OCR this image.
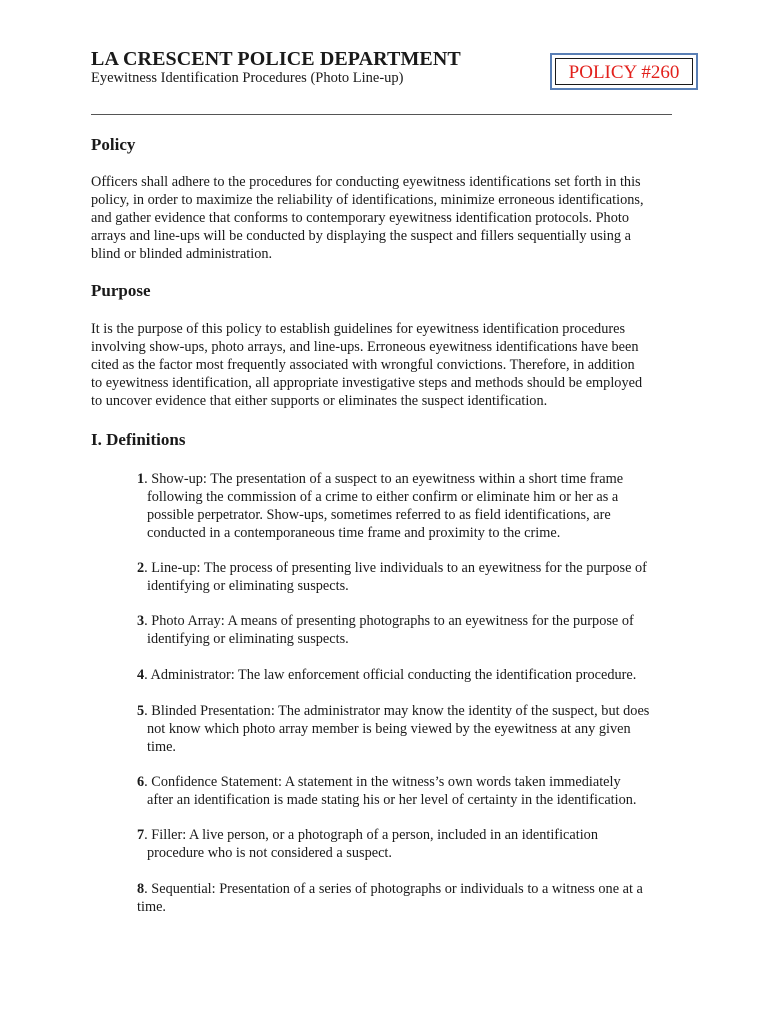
LA CRESCENT POLICE DEPARTMENT
Eyewitness Identification Procedures (Photo Line-up)	POLICY #260
Policy
Officers shall adhere to the procedures for conducting eyewitness identifications set forth in this
policy, in order to maximize the reliability of identifications, minimize erroneous identifications,
and gather evidence that conforms to contemporary eyewitness identification protocols. Photo
arrays and line-ups will be conducted by displaying the suspect and fillers sequentially using a
blind or blinded administration.
Purpose
It is the purpose of this policy to establish guidelines for eyewitness identification procedures
involving show-ups, photo arrays, and line-ups. Erroneous eyewitness identifications have been
cited as the factor most frequently associated with wrongful convictions. Therefore, in addition
to eyewitness identification, all appropriate investigative steps and methods should be employed
to uncover evidence that either supports or eliminates the suspect identification.
I. Definitions
1. Show-up: The presentation of a suspect to an eyewitness within a short time frame
following the commission of a crime to either confirm or eliminate him or her as a
possible perpetrator. Show-ups, sometimes referred to as field identifications, are
conducted in a contemporaneous time frame and proximity to the crime.
2. Line-up: The process of presenting live individuals to an eyewitness for the purpose of
identifying or eliminating suspects.
3. Photo Array: A means of presenting photographs to an eyewitness for the purpose of
identifying or eliminating suspects.
4. Administrator: The law enforcement official conducting the identification procedure.
5. Blinded Presentation: The administrator may know the identity of the suspect, but does
not know which photo array member is being viewed by the eyewitness at any given
time.
6. Confidence Statement: A statement in the witness’s own words taken immediately
after an identification is made stating his or her level of certainty in the identification.
7. Filler: A live person, or a photograph of a person, included in an identification
procedure who is not considered a suspect.
8. Sequential: Presentation of a series of photographs or individuals to a witness one at a
time.
